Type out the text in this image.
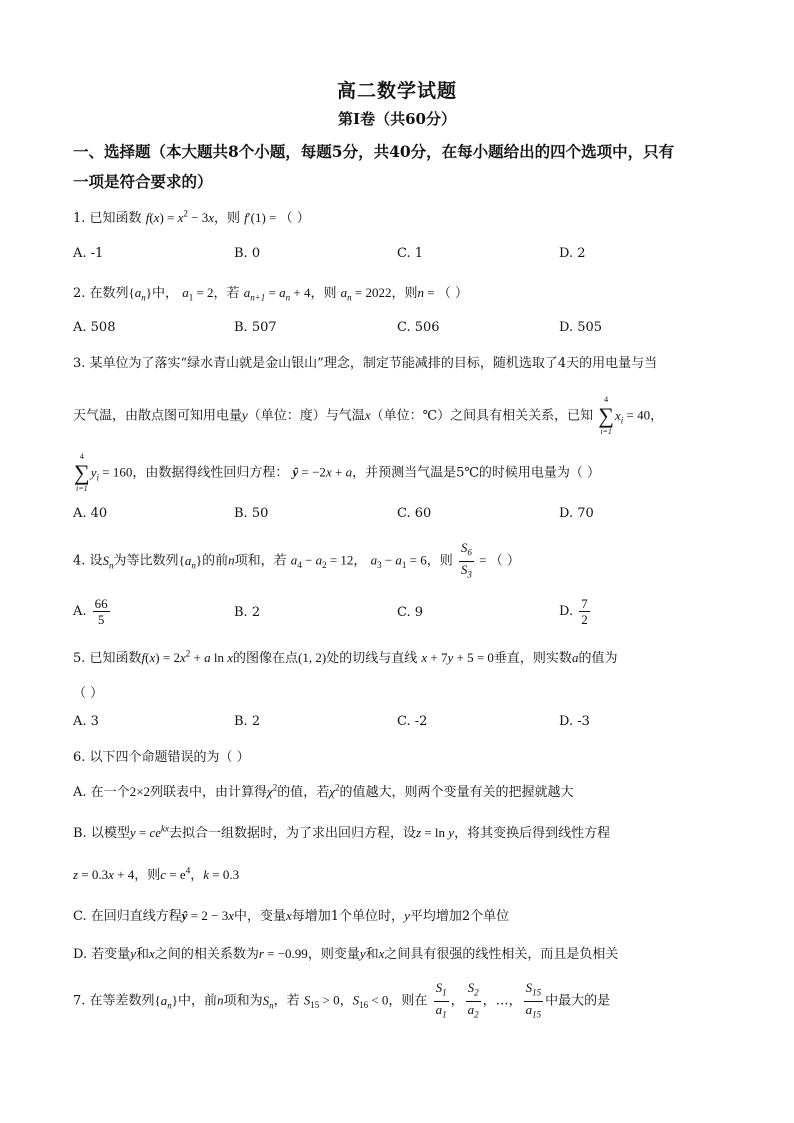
高二数学试题
第I卷（共60分）
一、选择题（本大题共8个小题，每题5分，共40分，在每小题给出的四个选项中，只有
一项是符合要求的）
1. 已知函数 $f(x) = x^2 - 3x$，则 f′(1) = （ ）
A. -1	B. 0	C. 1	D. 2
2. 在数列$\{a_n\}$中， $a_1 = 2$，若 $a_{n+1} = a_n + 4$，则 $a_n = 2022$，则n = （ ）
A. 508	B. 507	C. 506	D. 505
3. 某单位为了落实“绿水青山就是金山银山”理念，制定节能减排的目标，随机选取了4天的用电量与当
天气温，由散点图可知用电量y（单位：度）与气温x（单位：℃）之间具有相关关系，已知
4
∑
i=1
$x_i = 40$，
4
∑
i=1
$y_i = 160$，由数据得线性回归方程： ŷ = −2x + a，并预测当气温是5℃的时候用电量为（ ）
A. 40	B. 50	C. 60	D. 70
4. 设$S_n$为等比数列$\{a_n\}$的前n项和，若 $a_4 - a_2 = 12$， $a_3 - a_1 = 6$，则 $\frac{S_6}{S_3}$ = （ ）
A. $\frac{66}{5}$	B. 2	C. 9	D. $\frac{7}{2}$
5. 已知函数$f(x) = 2x^2 + a$ ln x的图像在点(1, 2)处的切线与直线 x + 7y + 5 = 0垂直，则实数a的值为
（ ）
A. 3	B. 2	C. -2	D. -3
6. 以下四个命题错误的为（ ）
A. 在一个2×2列联表中，由计算得$\chi^2$的值，若$\chi^2$的值越大，则两个变量有关的把握就越大
B. 以模型$y = ce^{kx}$去拟合一组数据时，为了求出回归方程，设z = ln y，将其变换后得到线性方程
z = 0.3x + 4，则$c = e^4$，k = 0.3
C. 在回归直线方程ŷ = 2 − 3x中，变量x每增加1个单位时，y平均增加2个单位
D. 若变量y和x之间的相关系数为r = −0.99，则变量y和x之间具有很强的线性相关，而且是负相关
7. 在等差数列$\{a_n\}$中，前n项和为$S_n$，若 $S_{15} > 0$，$S_{16} < 0$，则在 $\frac{S_1}{a_1}$ ， $\frac{S_2}{a_2}$ ，…， $\frac{S_{15}}{a_{15}}$ 中最大的是
